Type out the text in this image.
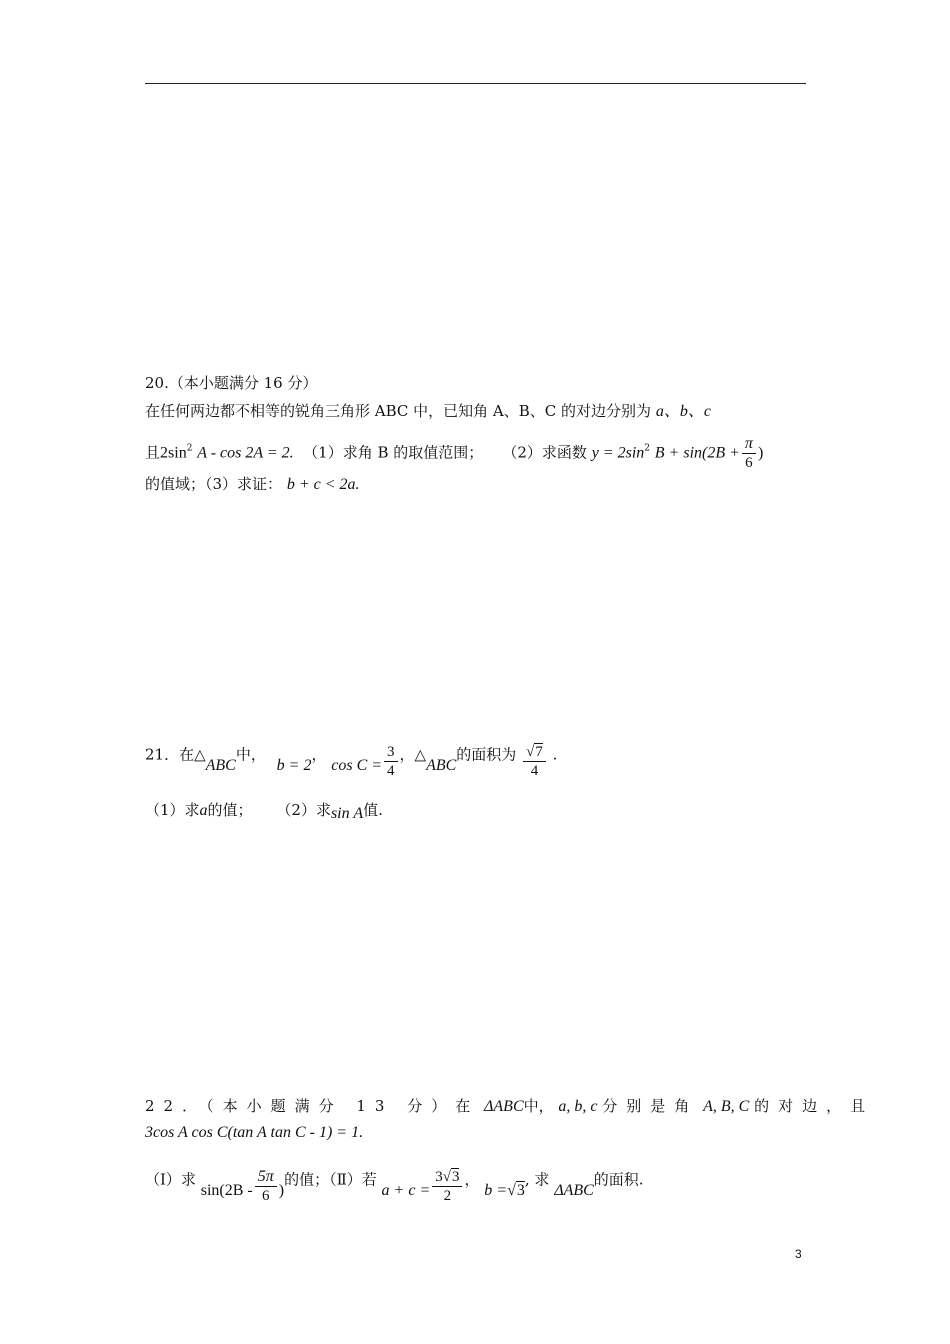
20.（本小题满分 16 分）
在任何两边都不相等的锐角三角形 ABC 中，已知角 A、B、C 的对边分别为 a、b、c
且$2\sin^2$ A - cos 2A = 2. （1）求角 B 的取值范围； （2）求函数 $y = 2\sin^2$ $B + \sin(2B + \frac{\pi}{6}$ )
的值域；（3）求证： b + c < 2a.
21．在△ABC中， b = 2， $\cos C = \frac{3}{4}$ ，△ABC的面积为 $\frac{√7}{4}$ .
（1）求a的值； （2）求sin A值.
22．（本小题满分 13 分）在 ΔABC中， a, b, c 分别是角 A, B, C 的对边，且
3cos A cos C(tan A tan C - 1) = 1.
（Ⅰ）求 $\sin(2B - \frac{5\pi}{6}$ )的值；（Ⅱ）若 $a + c = \frac{3√3}{2}$ ， b =√3, 求 ΔABC的面积.
3
